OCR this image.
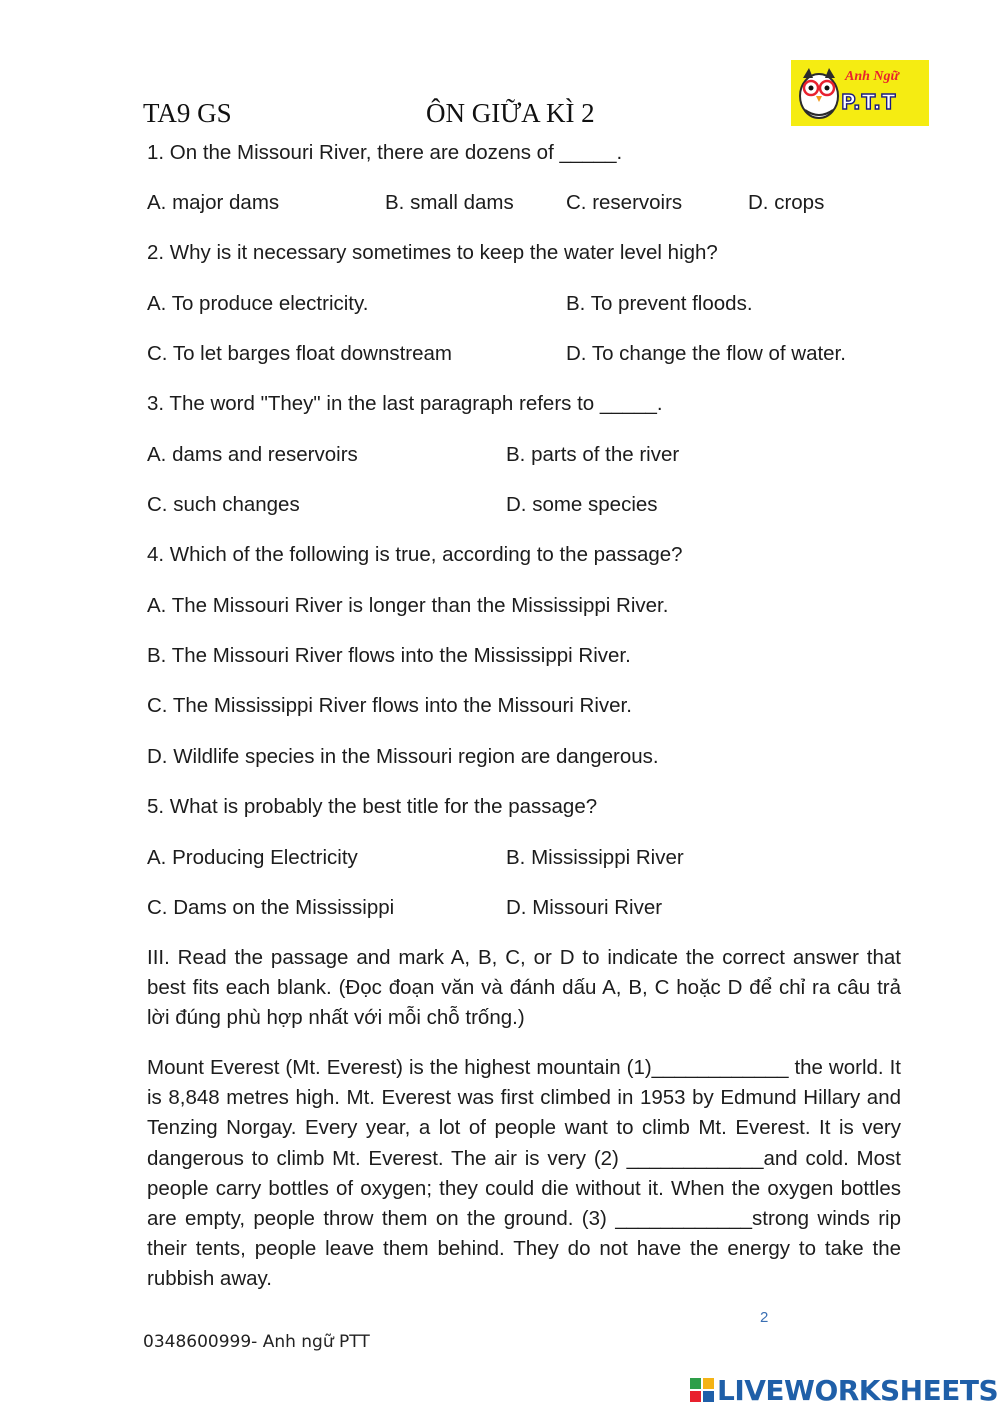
TA9 GS	ÔN GIỮA KÌ 2
Anh Ngữ
P.T.T
1. On the Missouri River, there are dozens of _____.
A. major dams	B. small dams	C. reservoirs	D. crops
2. Why is it necessary sometimes to keep the water level high?
A. To produce electricity.	B. To prevent floods.
C. To let barges float downstream	D. To change the flow of water.
3. The word "They" in the last paragraph refers to _____.
A. dams and reservoirs	B. parts of the river
C. such changes	D. some species
4. Which of the following is true, according to the passage?
A. The Missouri River is longer than the Mississippi River.
B. The Missouri River flows into the Mississippi River.
C. The Mississippi River flows into the Missouri River.
D. Wildlife species in the Missouri region are dangerous.
5. What is probably the best title for the passage?
A. Producing Electricity	B. Mississippi River
C. Dams on the Mississippi	D. Missouri River
III. Read the passage and mark A, B, C, or D to indicate the correct answer that best fits each blank. (Đọc đoạn văn và đánh dấu A, B, C hoặc D để chỉ ra câu trả lời đúng phù hợp nhất với mỗi chỗ trống.)
Mount Everest (Mt. Everest) is the highest mountain (1)____________ the world. It is 8,848 metres high. Mt. Everest was first climbed in 1953 by Edmund Hillary and Tenzing Norgay. Every year, a lot of people want to climb Mt. Everest. It is very dangerous to climb Mt. Everest. The air is very (2) ____________and cold. Most people carry bottles of oxygen; they could die without it. When the oxygen bottles are empty, people throw them on the ground. (3) ____________strong winds rip their tents, people leave them behind. They do not have the energy to take the rubbish away.
2
0348600999- Anh ngữ PTT
LIVEWORKSHEETS
